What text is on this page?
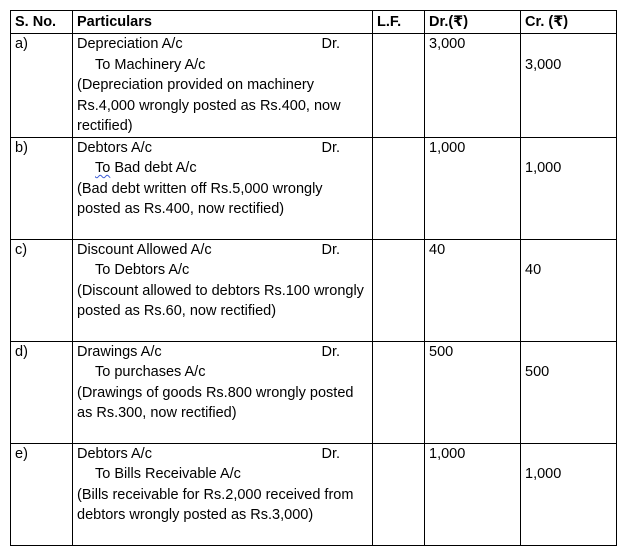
S. No.	Particulars	L.F.	Dr.(₹)	Cr. (₹)
a)	Depreciation A/c Dr.
To Machinery A/c
(Depreciation provided on machinery Rs.4,000 wrongly posted as Rs.400, now rectified)		3,000	3,000

b)	Debtors A/c Dr.
To Bad debt A/c
(Bad debt written off Rs.5,000 wrongly posted as Rs.400, now rectified)		1,000	1,000

c)	Discount Allowed A/c Dr.
To Debtors A/c
(Discount allowed to debtors Rs.100 wrongly posted as Rs.60, now rectified)		40	40

d)	Drawings A/c Dr.
To purchases A/c
(Drawings of goods Rs.800 wrongly posted as Rs.300, now rectified)		500	500

e)	Debtors A/c Dr.
To Bills Receivable A/c
(Bills receivable for Rs.2,000 received from debtors wrongly posted as Rs.3,000)		1,000	1,000
